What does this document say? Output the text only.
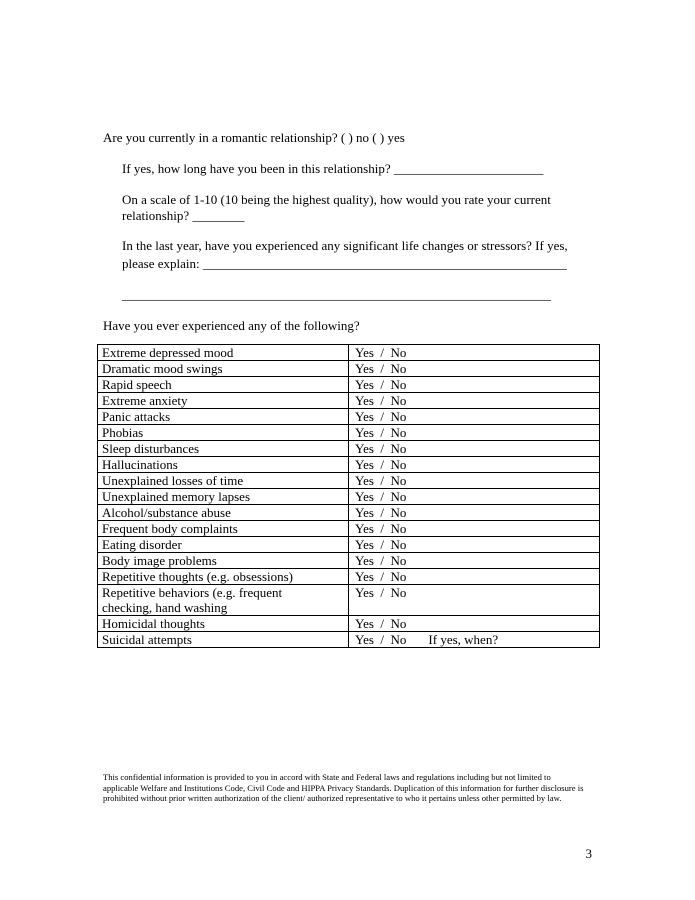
Are you currently in a romantic relationship? ( ) no ( ) yes
If yes, how long have you been in this relationship? _______________________
On a scale of 1-10 (10 being the highest quality), how would you rate your current
relationship? ________
In the last year, have you experienced any significant life changes or stressors? If yes,
please explain: ________________________________________________________
__________________________________________________________________
Have you ever experienced any of the following?
Extreme depressed mood	Yes  /  No
Dramatic mood swings	Yes  /  No
Rapid speech	Yes  /  No
Extreme anxiety	Yes  /  No
Panic attacks	Yes  /  No
Phobias	Yes  /  No
Sleep disturbances	Yes  /  No
Hallucinations	Yes  /  No
Unexplained losses of time	Yes  /  No
Unexplained memory lapses	Yes  /  No
Alcohol/substance abuse	Yes  /  No
Frequent body complaints	Yes  /  No
Eating disorder	Yes  /  No
Body image problems	Yes  /  No
Repetitive thoughts (e.g. obsessions)	Yes  /  No
Repetitive behaviors (e.g. frequent
checking, hand washing	Yes  /  No
Homicidal thoughts	Yes  /  No
Suicidal attempts	Yes  /  No If yes, when?
This confidential information is provided to you in accord with State and Federal laws and regulations including but not limited to applicable Welfare and Institutions Code, Civil Code and HIPPA Privacy Standards. Duplication of this information for further disclosure is prohibited without prior written authorization of the client/ authorized representative to who it pertains unless other permitted by law.
3
